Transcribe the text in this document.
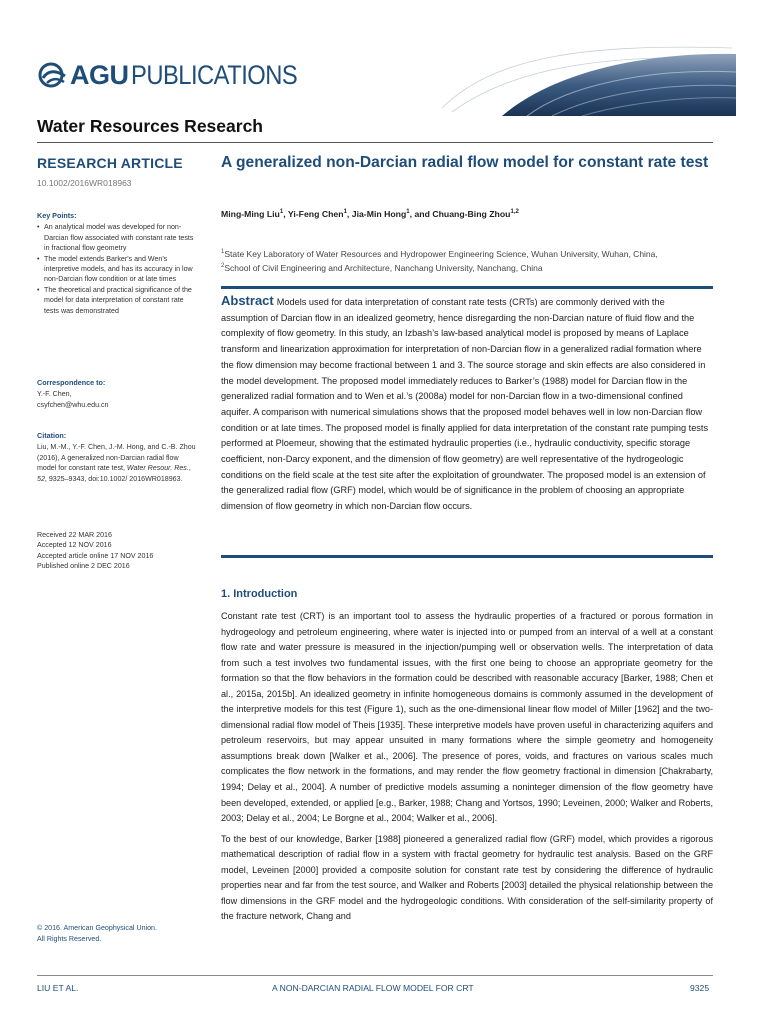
AGU PUBLICATIONS
Water Resources Research
RESEARCH ARTICLE
10.1002/2016WR018963
Key Points:
• An analytical model was developed for non-Darcian flow associated with constant rate tests in fractional flow geometry
• The model extends Barker's and Wen's interpretive models, and has its accuracy in low non-Darcian flow condition or at late times
• The theoretical and practical significance of the model for data interpretation of constant rate tests was demonstrated
Correspondence to:
Y.-F. Chen,
csyfchen@whu.edu.cn
Citation:
Liu, M.-M., Y.-F. Chen, J.-M. Hong, and C.-B. Zhou (2016), A generalized non-Darcian radial flow model for constant rate test, Water Resour. Res., 52, 9325–9343, doi:10.1002/ 2016WR018963.
Received 22 MAR 2016
Accepted 12 NOV 2016
Accepted article online 17 NOV 2016
Published online 2 DEC 2016
© 2016. American Geophysical Union.
All Rights Reserved.
A generalized non-Darcian radial flow model for constant rate test
Ming-Ming Liu$^1$, Yi-Feng Chen$^1$, Jia-Min Hong$^1$, and Chuang-Bing Zhou$^{1,2}$
$^1$State Key Laboratory of Water Resources and Hydropower Engineering Science, Wuhan University, Wuhan, China,
$^2$School of Civil Engineering and Architecture, Nanchang University, Nanchang, China
Abstract Models used for data interpretation of constant rate tests (CRTs) are commonly derived with the assumption of Darcian flow in an idealized geometry, hence disregarding the non-Darcian nature of fluid flow and the complexity of flow geometry. In this study, an Izbash’s law-based analytical model is proposed by means of Laplace transform and linearization approximation for interpretation of non-Darcian flow in a generalized radial formation where the flow dimension may become fractional between 1 and 3. The source storage and skin effects are also considered in the model development. The proposed model immediately reduces to Barker’s (1988) model for Darcian flow in the generalized radial formation and to Wen et al.’s (2008a) model for non-Darcian flow in a two-dimensional confined aquifer. A comparison with numerical simulations shows that the proposed model behaves well in low non-Darcian flow condition or at late times. The proposed model is finally applied for data interpretation of the constant rate pumping tests performed at Ploemeur, showing that the estimated hydraulic properties (i.e., hydraulic conductivity, specific storage coefficient, non-Darcy exponent, and the dimension of flow geometry) are well representative of the hydrogeologic conditions on the field scale at the test site after the exploitation of groundwater. The proposed model is an extension of the generalized radial flow (GRF) model, which would be of significance in the problem of choosing an appropriate dimension of flow geometry in which non-Darcian flow occurs.
1. Introduction

Constant rate test (CRT) is an important tool to assess the hydraulic properties of a fractured or porous formation in hydrogeology and petroleum engineering, where water is injected into or pumped from an interval of a well at a constant flow rate and water pressure is measured in the injection/pumping well or observation wells. The interpretation of data from such a test involves two fundamental issues, with the first one being to choose an appropriate geometry for the formation so that the flow behaviors in the formation could be described with reasonable accuracy [Barker, 1988; Chen et al., 2015a, 2015b]. An idealized geometry in infinite homogeneous domains is commonly assumed in the development of the interpretive models for this test (Figure 1), such as the one-dimensional linear flow model of Miller [1962] and the two-dimensional radial flow model of Theis [1935]. These interpretive models have proven useful in characterizing aquifers and petroleum reservoirs, but may appear unsuited in many formations where the simple geometry and homogeneity assumptions break down [Walker et al., 2006]. The presence of pores, voids, and fractures on various scales much complicates the flow network in the formations, and may render the flow geometry fractional in dimension [Chakrabarty, 1994; Delay et al., 2004]. A number of predictive models assuming a noninteger dimension of the flow geometry have been developed, extended, or applied [e.g., Barker, 1988; Chang and Yortsos, 1990; Leveinen, 2000; Walker and Roberts, 2003; Delay et al., 2004; Le Borgne et al., 2004; Walker et al., 2006].

To the best of our knowledge, Barker [1988] pioneered a generalized radial flow (GRF) model, which provides a rigorous mathematical description of radial flow in a system with fractal geometry for hydraulic test analysis. Based on the GRF model, Leveinen [2000] provided a composite solution for constant rate test by considering the difference of hydraulic properties near and far from the test source, and Walker and Roberts [2003] detailed the physical relationship between the flow dimensions in the GRF model and the hydrogeologic conditions. With consideration of the self-similarity property of the fracture network, Chang and

LIU ET AL.	A NON-DARCIAN RADIAL FLOW MODEL FOR CRT	9325
